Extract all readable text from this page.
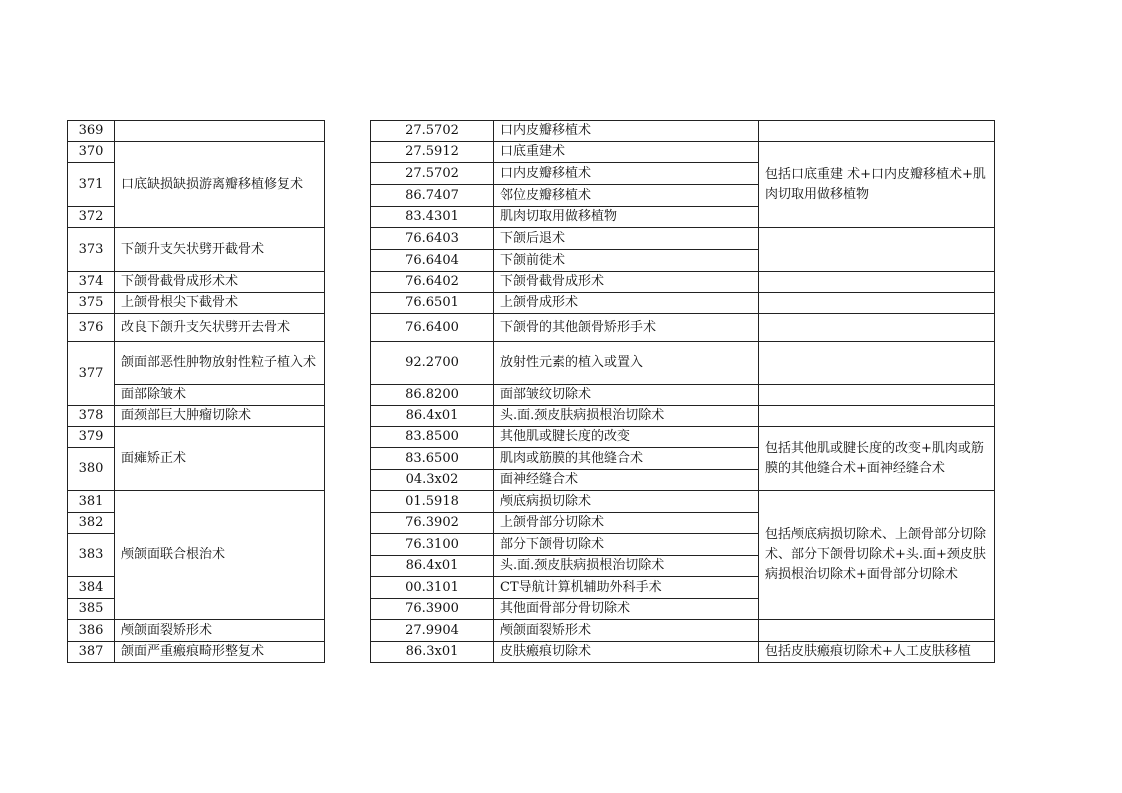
369	
370	口底缺损缺损游离瓣移植修复术
371	
372	
373	下颌升支矢状劈开截骨术
374	下颌骨截骨成形术术
375	上颌骨根尖下截骨术
376	改良下颌升支矢状劈开去骨术
377	颌面部恶性肿物放射性粒子植入术
	面部除皱术
378	面颈部巨大肿瘤切除术
379	面瘫矫正术
380	
381	颅颌面联合根治术
382	
383	
384	
385	
386	颅颌面裂矫形术
387	颌面严重瘢痕畸形整复术
27.5702	口内皮瓣移植术	
27.5912	口底重建术	包括口底重建 术+口内皮瓣移植术+肌肉切取用做移植物
27.5702	口内皮瓣移植术	
86.7407	邻位皮瓣移植术	
83.4301	肌肉切取用做移植物	
76.6403	下颌后退术	
76.6404	下颌前徙术	
76.6402	下颌骨截骨成形术	
76.6501	上颌骨成形术	
76.6400	下颌骨的其他颌骨矫形手术	
92.2700	放射性元素的植入或置入	
86.8200	面部皱纹切除术	
86.4x01	头.面.颈皮肤病损根治切除术	
83.8500	其他肌或腱长度的改变	包括其他肌或腱长度的改变+肌肉或筋膜的其他缝合术+面神经缝合术
83.6500	肌肉或筋膜的其他缝合术	
04.3x02	面神经缝合术	
01.5918	颅底病损切除术	包括颅底病损切除术、上颌骨部分切除术、部分下颌骨切除术+头.面+颈皮肤病损根治切除术+面骨部分切除术
76.3902	上颌骨部分切除术	
76.3100	部分下颌骨切除术	
86.4x01	头.面.颈皮肤病损根治切除术	
00.3101	CT导航计算机辅助外科手术	
76.3900	其他面骨部分骨切除术	
27.9904	颅颌面裂矫形术	
86.3x01	皮肤瘢痕切除术	包括皮肤瘢痕切除术+人工皮肤移植
